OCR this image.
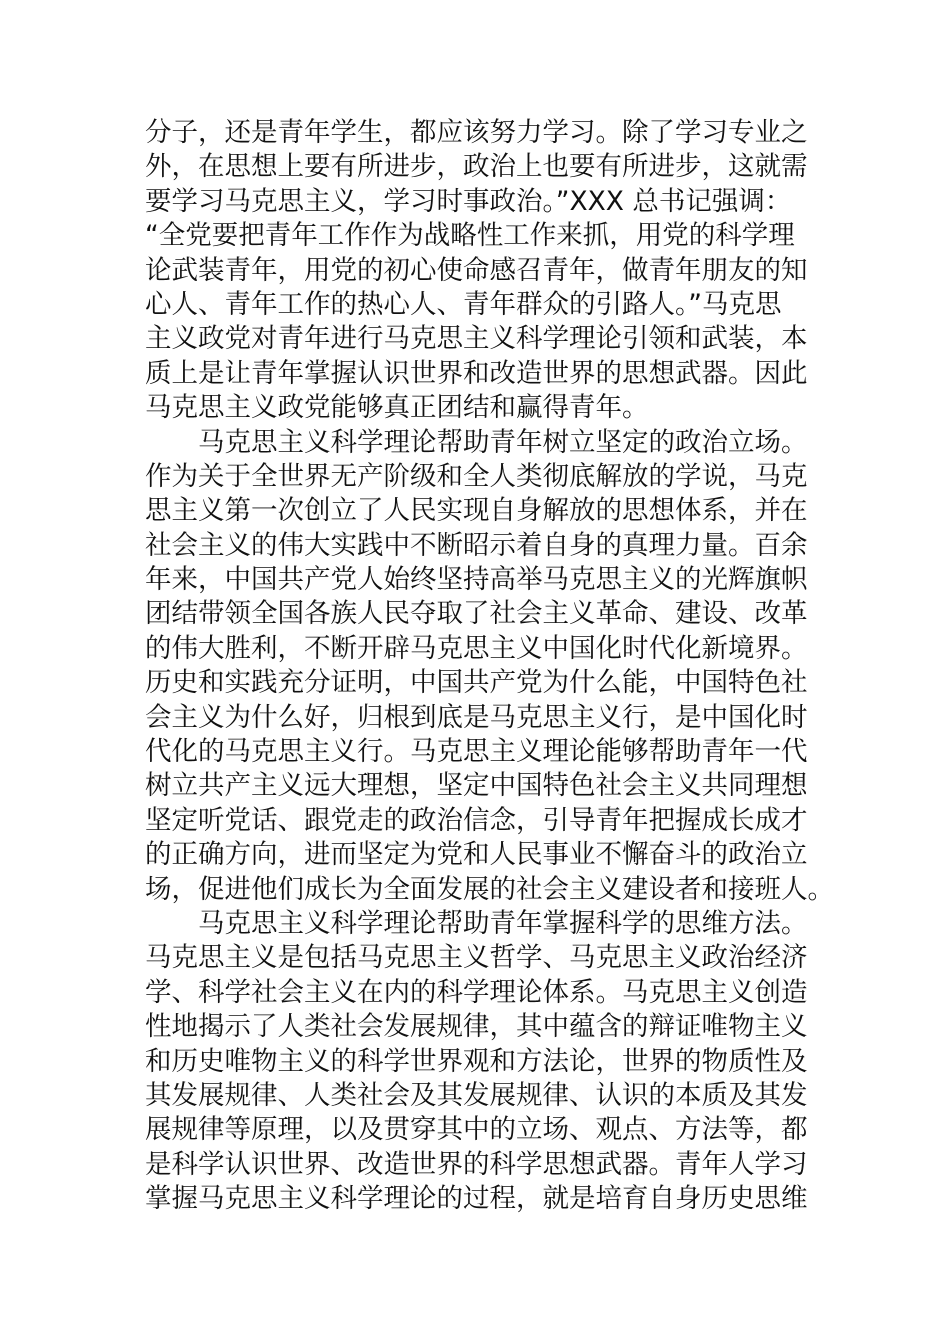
分子，还是青年学生，都应该努力学习。除了学习专业之
外，在思想上要有所进步，政治上也要有所进步，这就需
要学习马克思主义，学习时事政治。”XXX 总书记强调：
“全党要把青年工作作为战略性工作来抓，用党的科学理
论武装青年，用党的初心使命感召青年，做青年朋友的知
心人、青年工作的热心人、青年群众的引路人。”马克思
主义政党对青年进行马克思主义科学理论引领和武装，本
质上是让青年掌握认识世界和改造世界的思想武器。因此
马克思主义政党能够真正团结和赢得青年。
马克思主义科学理论帮助青年树立坚定的政治立场。
作为关于全世界无产阶级和全人类彻底解放的学说，马克
思主义第一次创立了人民实现自身解放的思想体系，并在
社会主义的伟大实践中不断昭示着自身的真理力量。百余
年来，中国共产党人始终坚持高举马克思主义的光辉旗帜
团结带领全国各族人民夺取了社会主义革命、建设、改革
的伟大胜利，不断开辟马克思主义中国化时代化新境界。
历史和实践充分证明，中国共产党为什么能，中国特色社
会主义为什么好，归根到底是马克思主义行，是中国化时
代化的马克思主义行。马克思主义理论能够帮助青年一代
树立共产主义远大理想，坚定中国特色社会主义共同理想
坚定听党话、跟党走的政治信念，引导青年把握成长成才
的正确方向，进而坚定为党和人民事业不懈奋斗的政治立
场，促进他们成长为全面发展的社会主义建设者和接班人。
马克思主义科学理论帮助青年掌握科学的思维方法。
马克思主义是包括马克思主义哲学、马克思主义政治经济
学、科学社会主义在内的科学理论体系。马克思主义创造
性地揭示了人类社会发展规律，其中蕴含的辩证唯物主义
和历史唯物主义的科学世界观和方法论，世界的物质性及
其发展规律、人类社会及其发展规律、认识的本质及其发
展规律等原理，以及贯穿其中的立场、观点、方法等，都
是科学认识世界、改造世界的科学思想武器。青年人学习
掌握马克思主义科学理论的过程，就是培育自身历史思维
